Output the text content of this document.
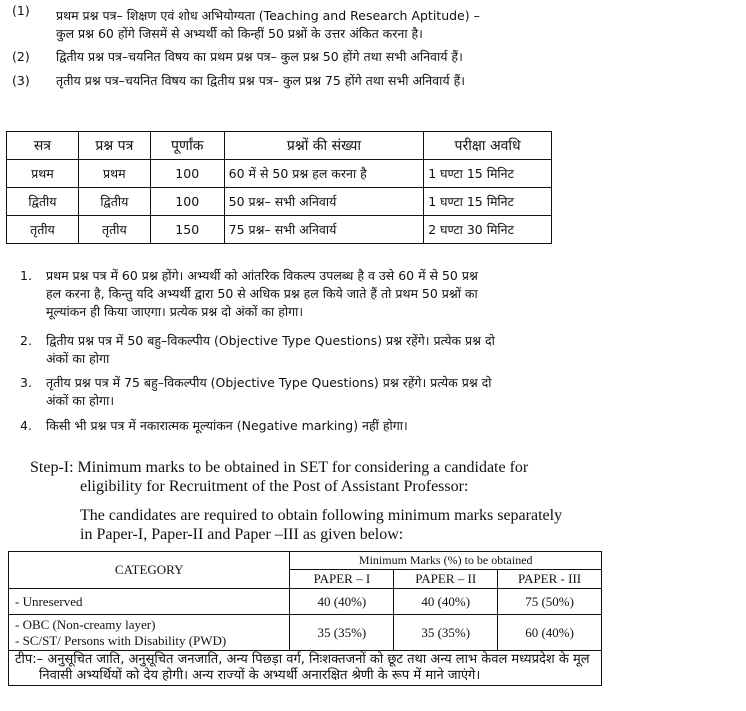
(1) प्रथम प्रश्न पत्र– शिक्षण एवं शोध अभियोग्यता (Teaching and Research Aptitude) –
कुल प्रश्न 60 होंगे जिसमें से अभ्यर्थी को किन्हीं 50 प्रश्नों के उत्तर अंकित करना है।
(2) द्वितीय प्रश्न पत्र–चयनित विषय का प्रथम प्रश्न पत्र– कुल प्रश्न 50 होंगे तथा सभी अनिवार्य हैं।
(3) तृतीय प्रश्न पत्र–चयनित विषय का द्वितीय प्रश्न पत्र– कुल प्रश्न 75 होंगे तथा सभी अनिवार्य हैं।
सत्र	प्रश्न पत्र	पूर्णांक	प्रश्नों की संख्या	परीक्षा अवधि
प्रथम	प्रथम	100	60 में से 50 प्रश्न हल करना है	1 घण्टा 15 मिनिट
द्वितीय	द्वितीय	100	50 प्रश्न– सभी अनिवार्य	1 घण्टा 15 मिनिट
तृतीय	तृतीय	150	75 प्रश्न– सभी अनिवार्य	2 घण्टा 30 मिनिट
1. प्रथम प्रश्न पत्र में 60 प्रश्न होंगे। अभ्यर्थी को आंतरिक विकल्प उपलब्ध है व उसे 60 में से 50 प्रश्न
हल करना है, किन्तु यदि अभ्यर्थी द्वारा 50 से अधिक प्रश्न हल किये जाते हैं तो प्रथम 50 प्रश्नों का
मूल्यांकन ही किया जाएगा। प्रत्येक प्रश्न दो अंकों का होगा।
2. द्वितीय प्रश्न पत्र में 50 बहु–विकल्पीय (Objective Type Questions) प्रश्न रहेंगे। प्रत्येक प्रश्न दो
अंकों का होगा
3. तृतीय प्रश्न पत्र में 75 बहु–विकल्पीय (Objective Type Questions) प्रश्न रहेंगे। प्रत्येक प्रश्न दो
अंकों का होगा।
4. किसी भी प्रश्न पत्र में नकारात्मक मूल्यांकन (Negative marking) नहीं होगा।
Step-I: Minimum marks to be obtained in SET for considering a candidate for
eligibility for Recruitment of the Post of Assistant Professor:
The candidates are required to obtain following minimum marks separately
in Paper-I, Paper-II and Paper –III as given below:
CATEGORY	Minimum Marks (%) to be obtained		
	PAPER – I	PAPER – II	PAPER - III
- Unreserved	40 (40%)	40 (40%)	75 (50%)

- OBC (Non-creamy layer)
- SC/ST/ Persons with Disability (PWD)	35 (35%)	35 (35%)	60 (40%)

टीप:– अनुसूचित जाति, अनुसूचित जनजाति, अन्य पिछड़ा वर्ग, निःशक्तजनों को छूट तथा अन्य लाभ केवल मध्यप्रदेश के मूल
निवासी अभ्यर्थियों को देय होगी। अन्य राज्यों के अभ्यर्थी अनारक्षित श्रेणी के रूप में माने जाएंगे।			
